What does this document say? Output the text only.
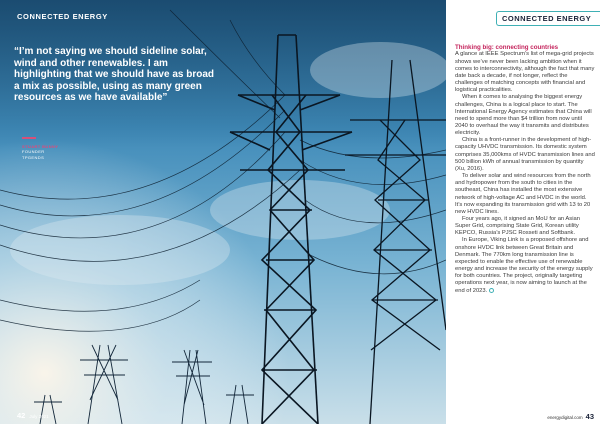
CONNECTED ENERGY

“I’m not saying we should sideline solar, wind and other renewables. I am highlighting that we should have as broad a mix as possible, using as many green resources as we have available”

STUART BUNNY
FOUNDER
TPGENDS
42 July 2021
CONNECTED ENERGY
Thinking big: connecting countries

A glance at IEEE Spectrum’s list of mega-grid projects shows we’ve never been lacking ambition when it comes to interconnectivity, although the fact that many date back a decade, if not longer, reflect the challenges of matching concepts with financial and logistical practicalities.

When it comes to analysing the biggest energy challenges, China is a logical place to start. The International Energy Agency estimates that China will need to spend more than $4 trillion from now until 2040 to overhaul the way it transmits and distributes electricity.

China is a front-runner in the development of high-capacity UHVDC transmission. Its domestic system comprises 35,000kms of HVDC transmission lines and 500 billion kWh of annual transmission by quantity (Xu, 2016).

To deliver solar and wind resources from the north and hydropower from the south to cities in the southeast, China has installed the most extensive network of high-voltage AC and HVDC in the world. It’s now expanding its transmission grid with 13 to 20 new HVDC lines.

Four years ago, it signed an MoU for an Asian Super Grid, comprising State Grid, Korean utility KEPCO, Russia’s PJSC Rosseti and Softbank.

In Europe, Viking Link is a proposed offshore and onshore HVDC link between Great Britain and Denmark. The 770km long transmission line is expected to enable the effective use of renewable energy and increase the security of the energy supply for both countries. The project, originally targeting operations next year, is now aiming to launch at the end of 2023.

energydigital.com 43
